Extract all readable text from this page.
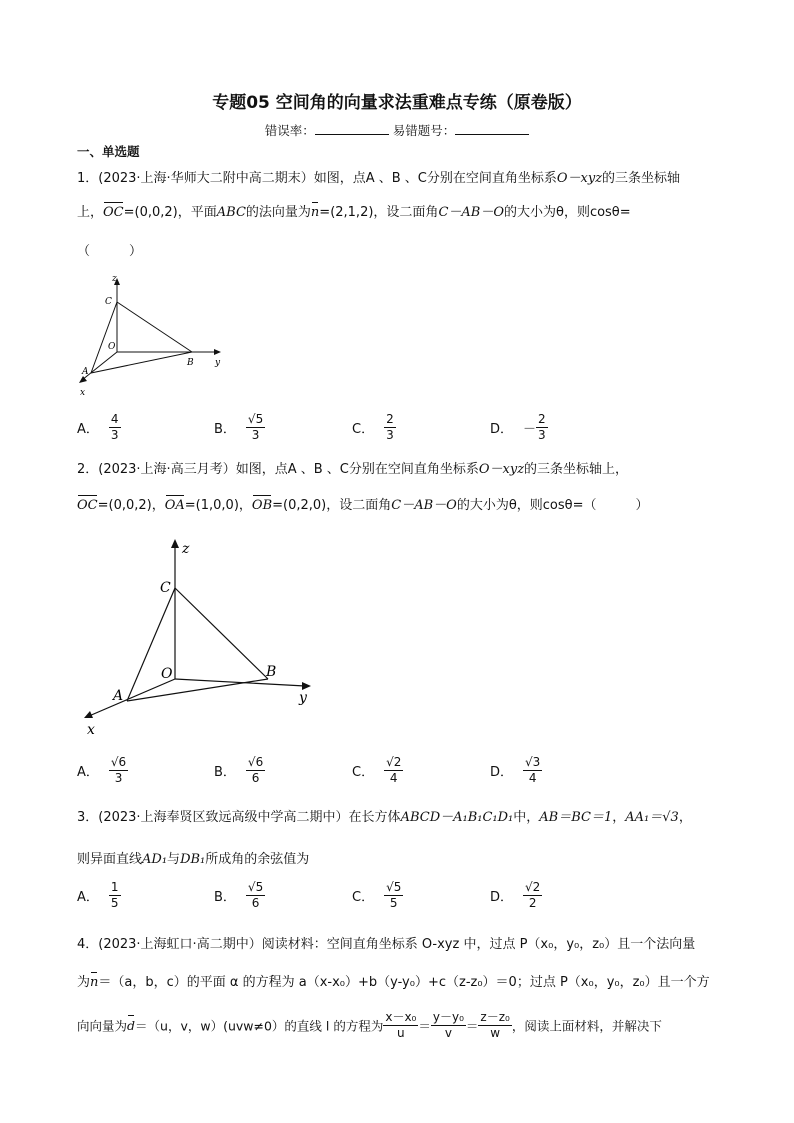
专题05 空间角的向量求法重难点专练（原卷版）
错误率：	易错题号：
一、单选题
1．(2023·上海·华师大二附中高二期末）如图，点A 、B 、C分别在空间直角坐标系O－xyz的三条坐标轴
上，OC=(0,0,2)，平面ABC的法向量为n=(2,1,2)，设二面角C－AB－O的大小为θ，则cosθ=
（　　　）
z
y
x
C
O
A
B
A． $\frac{4}{3}$	B． $\frac{√5}{3}$	C． $\frac{2}{3}$	D． － $\frac{2}{3}$
2．(2023·上海·高三月考）如图，点A 、B 、C分别在空间直角坐标系O－xyz的三条坐标轴上，
OC=(0,0,2)，OA=(1,0,0)，OB=(0,2,0)，设二面角C－AB－O的大小为θ，则cosθ=（　　　）
z
y
x
C
O
A
B
A． $\frac{√6}{3}$	B． $\frac{√6}{6}$	C． $\frac{√2}{4}$	D． $\frac{√3}{4}$
3．(2023·上海奉贤区致远高级中学高二期中）在长方体ABCD－A₁B₁C₁D₁中，AB＝BC＝1，AA₁＝√3，
则异面直线AD₁与DB₁所成角的余弦值为
A． $\frac{1}{5}$	B． $\frac{√5}{6}$	C． $\frac{√5}{5}$	D． $\frac{√2}{2}$
4．(2023·上海虹口·高二期中）阅读材料：空间直角坐标系 O-xyz 中，过点 P（x₀，y₀，z₀）且一个法向量
为n＝（a，b，c）的平面 α 的方程为 a（x-x₀）+b（y-y₀）+c（z-z₀）＝0；过点 P（x₀，y₀，z₀）且一个方
向向量为d＝（u，v，w）(uvw≠0）的直线 l 的方程为 $\frac{\text{x－x₀}}{u} = \frac{\text{y－y₀}}{v} = \frac{\text{z－z₀}}{w}$ ，阅读上面材料，并解决下
